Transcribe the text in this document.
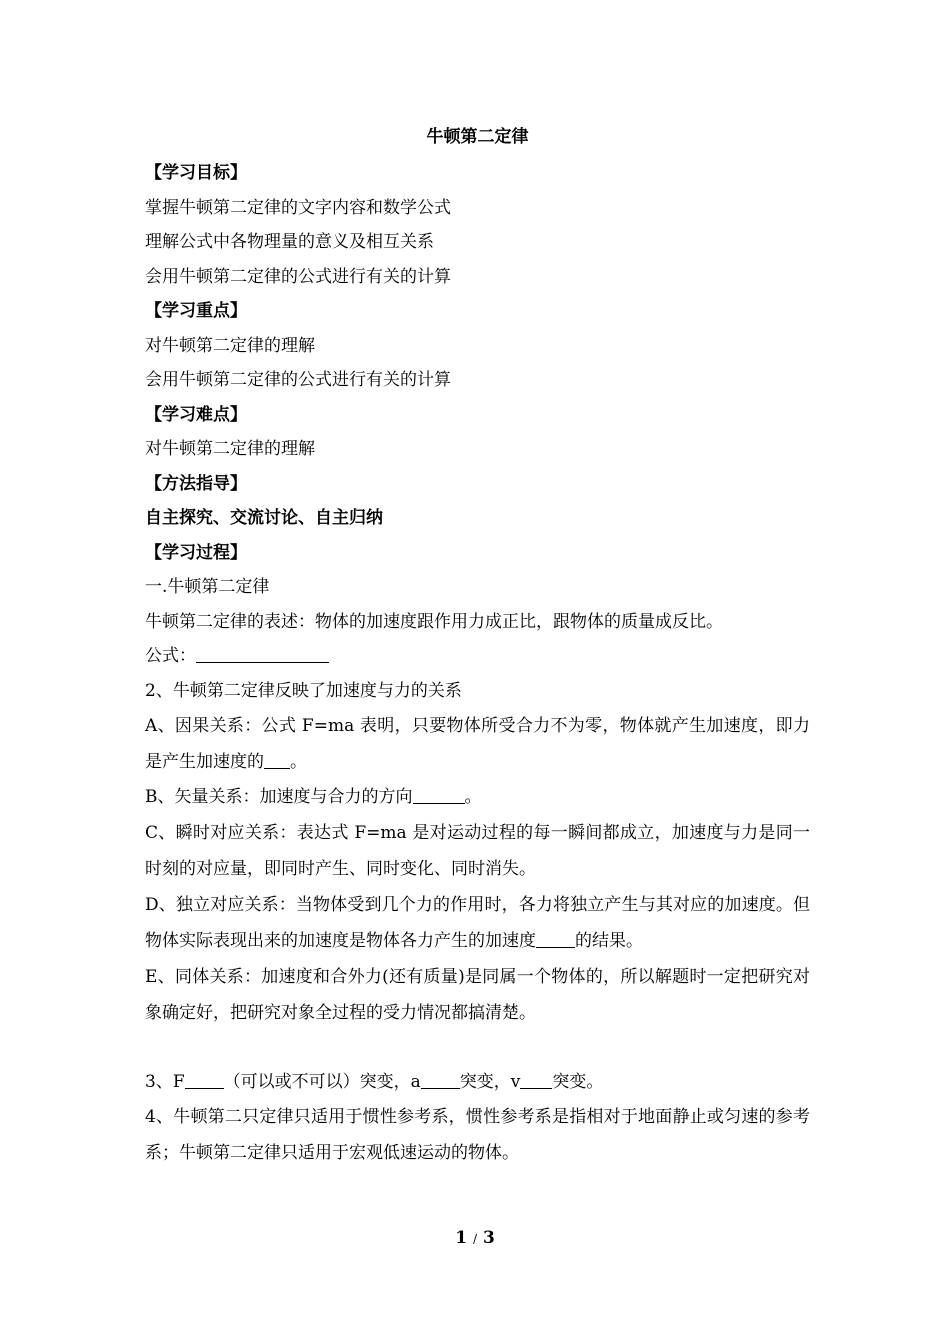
牛顿第二定律
【学习目标】
掌握牛顿第二定律的文字内容和数学公式
理解公式中各物理量的意义及相互关系
会用牛顿第二定律的公式进行有关的计算
【学习重点】
对牛顿第二定律的理解
会用牛顿第二定律的公式进行有关的计算
【学习难点】
对牛顿第二定律的理解
【方法指导】
自主探究、交流讨论、自主归纳
【学习过程】
一.牛顿第二定律
牛顿第二定律的表述：物体的加速度跟作用力成正比，跟物体的质量成反比。
公式：
2、牛顿第二定律反映了加速度与力的关系
A、因果关系：公式 F=ma 表明，只要物体所受合力不为零，物体就产生加速度，即力是产生加速度的 。
B、矢量关系：加速度与合力的方向	。
C、瞬时对应关系：表达式 F=ma 是对运动过程的每一瞬间都成立，加速度与力是同一时刻的对应量，即同时产生、同时变化、同时消失。
D、独立对应关系：当物体受到几个力的作用时，各力将独立产生与其对应的加速度。但物体实际表现出来的加速度是物体各力产生的加速度 的结果。
E、同体关系：加速度和合外力(还有质量)是同属一个物体的，所以解题时一定把研究对象确定好，把研究对象全过程的受力情况都搞清楚。
3、F （可以或不可以）突变，a 突变，v 突变。
4、牛顿第二只定律只适用于惯性参考系，惯性参考系是指相对于地面静止或匀速的参考系；牛顿第二定律只适用于宏观低速运动的物体。
1 / 3
